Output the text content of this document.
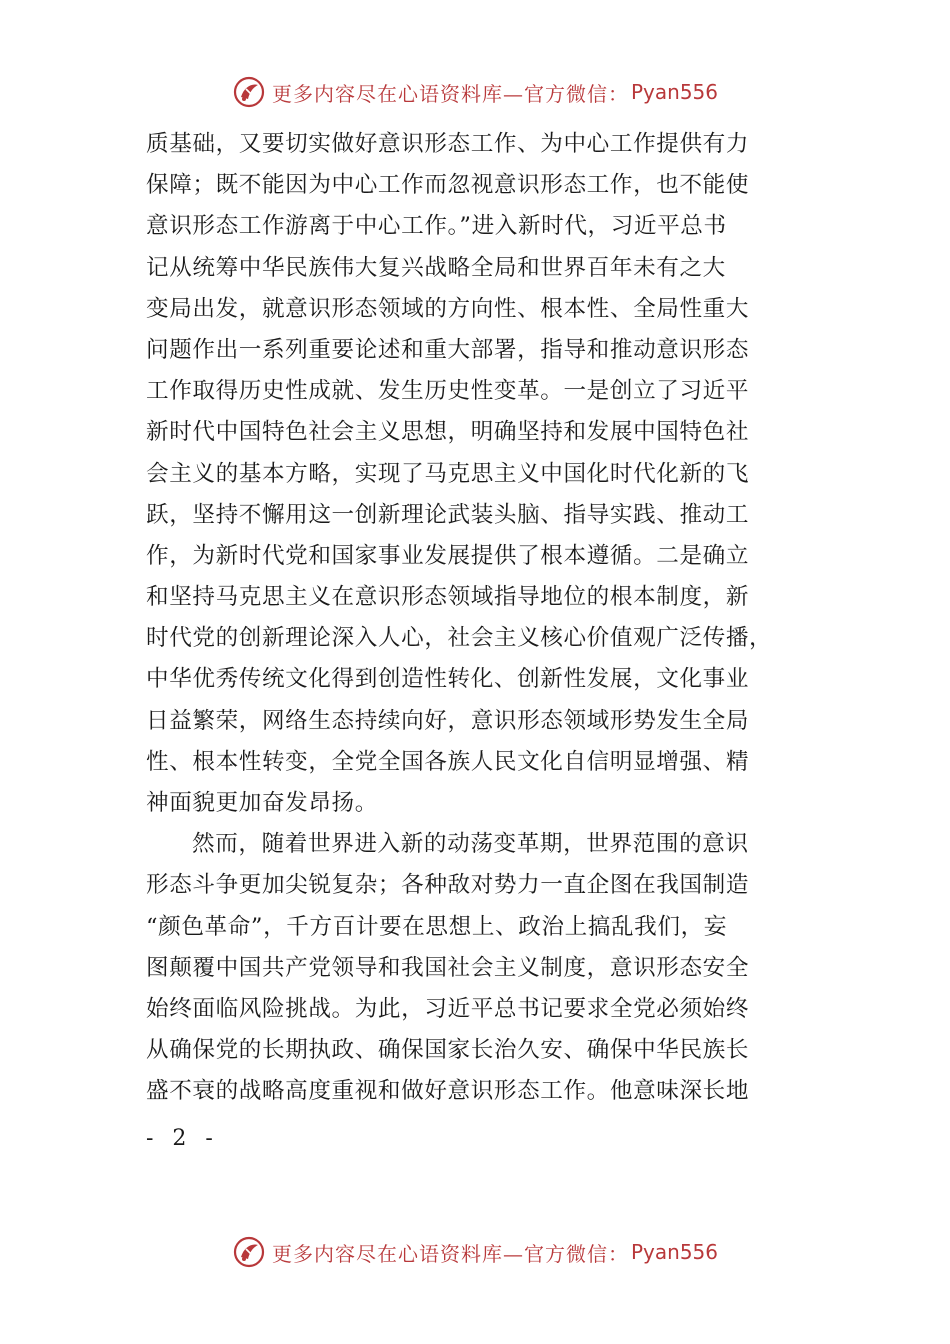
更多内容尽在心语资料库—官方微信： Pyan556
质基础，又要切实做好意识形态工作、为中心工作提供有力
保障；既不能因为中心工作而忽视意识形态工作，也不能使
意识形态工作游离于中心工作。”进入新时代，习近平总书
记从统筹中华民族伟大复兴战略全局和世界百年未有之大
变局出发，就意识形态领域的方向性、根本性、全局性重大
问题作出一系列重要论述和重大部署，指导和推动意识形态
工作取得历史性成就、发生历史性变革。一是创立了习近平
新时代中国特色社会主义思想，明确坚持和发展中国特色社
会主义的基本方略，实现了马克思主义中国化时代化新的飞
跃，坚持不懈用这一创新理论武装头脑、指导实践、推动工
作，为新时代党和国家事业发展提供了根本遵循。二是确立
和坚持马克思主义在意识形态领域指导地位的根本制度，新
时代党的创新理论深入人心，社会主义核心价值观广泛传播，
中华优秀传统文化得到创造性转化、创新性发展，文化事业
日益繁荣，网络生态持续向好，意识形态领域形势发生全局
性、根本性转变，全党全国各族人民文化自信明显增强、精
神面貌更加奋发昂扬。
然而，随着世界进入新的动荡变革期，世界范围的意识
形态斗争更加尖锐复杂；各种敌对势力一直企图在我国制造
“颜色革命”，千方百计要在思想上、政治上搞乱我们，妄
图颠覆中国共产党领导和我国社会主义制度，意识形态安全
始终面临风险挑战。为此，习近平总书记要求全党必须始终
从确保党的长期执政、确保国家长治久安、确保中华民族长
盛不衰的战略高度重视和做好意识形态工作。他意味深长地
- 2 -
更多内容尽在心语资料库—官方微信： Pyan556
